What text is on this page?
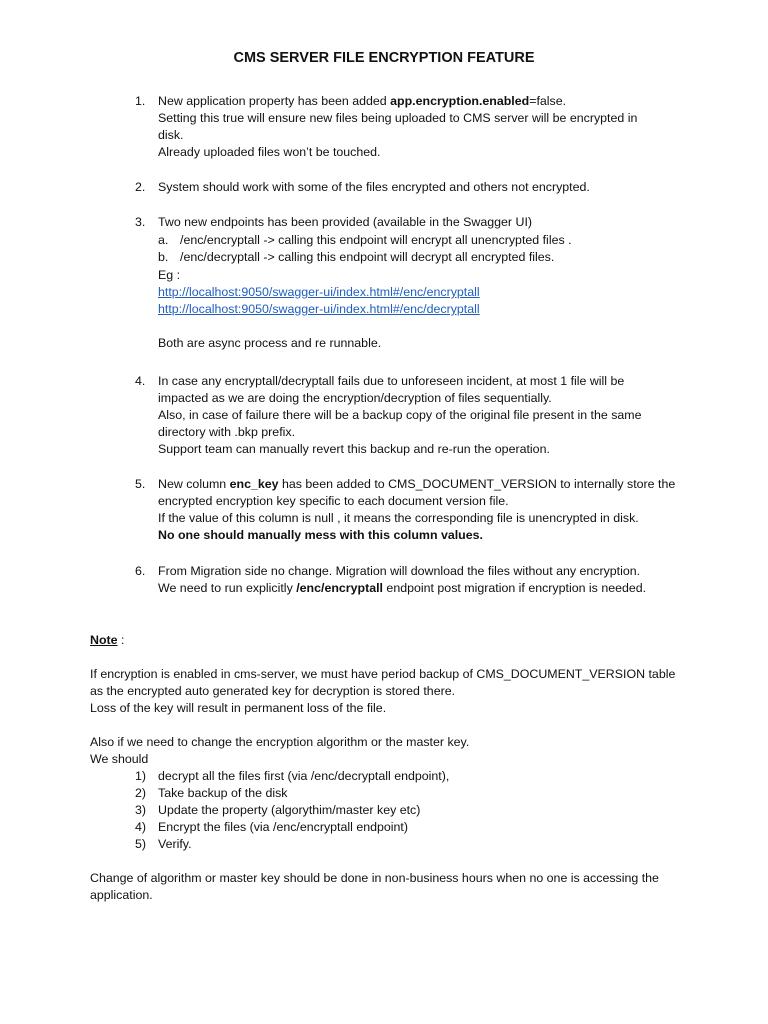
CMS SERVER FILE ENCRYPTION FEATURE
1. New application property has been added app.encryption.enabled=false.
Setting this true will ensure new files being uploaded to CMS server will be encrypted in
disk.
Already uploaded files won’t be touched.
2. System should work with some of the files encrypted and others not encrypted.
3. Two new endpoints has been provided (available in the Swagger UI)
a. /enc/encryptall -> calling this endpoint will encrypt all unencrypted files .
b. /enc/decryptall -> calling this endpoint will decrypt all encrypted files.
Eg :
http://localhost:9050/swagger-ui/index.html#/enc/encryptall
http://localhost:9050/swagger-ui/index.html#/enc/decryptall
Both are async process and re runnable.
4. In case any encryptall/decryptall fails due to unforeseen incident, at most 1 file will be
impacted as we are doing the encryption/decryption of files sequentially.
Also, in case of failure there will be a backup copy of the original file present in the same
directory with .bkp prefix.
Support team can manually revert this backup and re-run the operation.
5. New column enc_key has been added to CMS_DOCUMENT_VERSION to internally store the
encrypted encryption key specific to each document version file.
If the value of this column is null , it means the corresponding file is unencrypted in disk.
No one should manually mess with this column values.
6. From Migration side no change. Migration will download the files without any encryption.
We need to run explicitly /enc/encryptall endpoint post migration if encryption is needed.
Note :
If encryption is enabled in cms-server, we must have period backup of CMS_DOCUMENT_VERSION table
as the encrypted auto generated key for decryption is stored there.
Loss of the key will result in permanent loss of the file.
Also if we need to change the encryption algorithm or the master key.
We should
1) decrypt all the files first (via /enc/decryptall endpoint),
2) Take backup of the disk
3) Update the property (algorythim/master key etc)
4) Encrypt the files (via /enc/encryptall endpoint)
5) Verify.
Change of algorithm or master key should be done in non-business hours when no one is accessing the
application.
